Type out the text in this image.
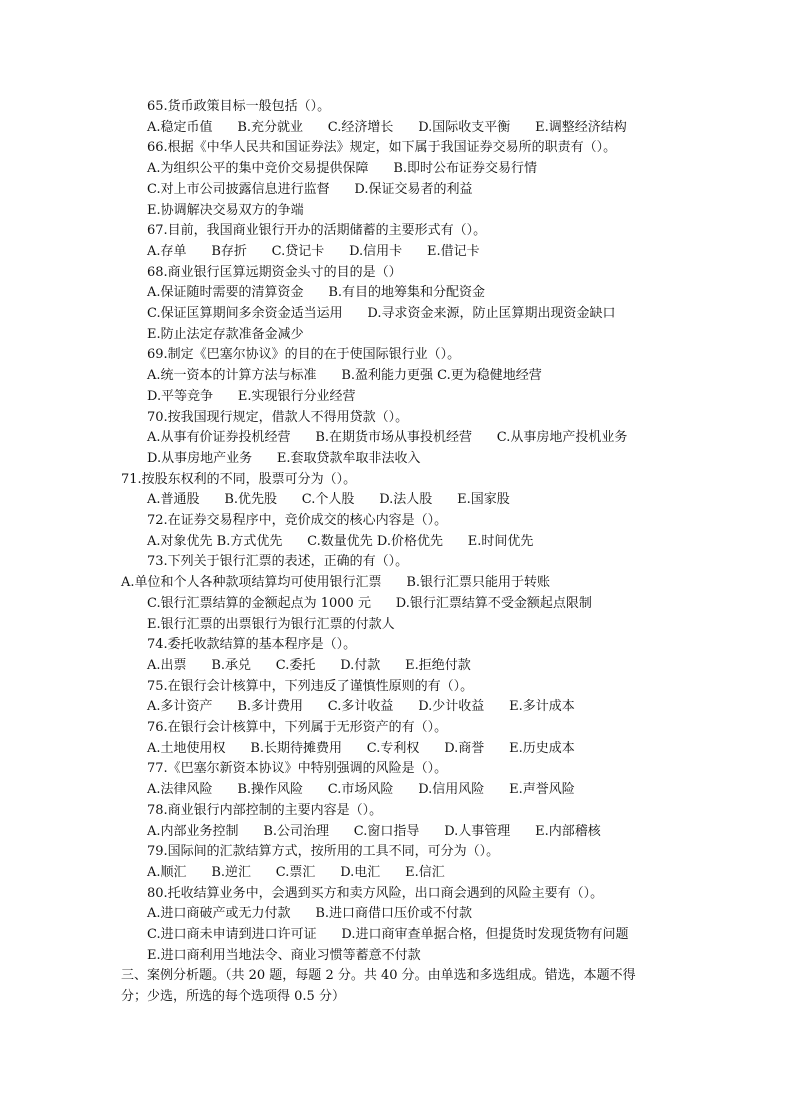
65.货币政策目标一般包括（）。
A.稳定币值      B.充分就业      C.经济增长      D.国际收支平衡      E.调整经济结构
66.根据《中华人民共和国证券法》规定，如下属于我国证券交易所的职责有（）。
A.为组织公平的集中竞价交易提供保障      B.即时公布证券交易行情
C.对上市公司披露信息进行监督      D.保证交易者的利益
E.协调解决交易双方的争端
67.目前，我国商业银行开办的活期储蓄的主要形式有（）。
A.存单      B存折      C.贷记卡      D.信用卡      E.借记卡
68.商业银行匡算远期资金头寸的目的是（）
A.保证随时需要的清算资金      B.有目的地筹集和分配资金
C.保证匡算期间多余资金适当运用      D.寻求资金来源，防止匡算期出现资金缺口
E.防止法定存款准备金减少
69.制定《巴塞尔协议》的目的在于使国际银行业（）。
A.统一资本的计算方法与标准      B.盈利能力更强 C.更为稳健地经营
D.平等竞争      E.实现银行分业经营
70.按我国现行规定，借款人不得用贷款（）。
A.从事有价证券投机经营      B.在期货市场从事投机经营      C.从事房地产投机业务
D.从事房地产业务      E.套取贷款牟取非法收入
71.按股东权利的不同，股票可分为（）。
A.普通股      B.优先股      C.个人股      D.法人股      E.国家股
72.在证券交易程序中，竞价成交的核心内容是（）。
A.对象优先 B.方式优先      C.数量优先 D.价格优先      E.时间优先
73.下列关于银行汇票的表述，正确的有（）。
A.单位和个人各种款项结算均可使用银行汇票      B.银行汇票只能用于转账
C.银行汇票结算的金额起点为 1000 元      D.银行汇票结算不受金额起点限制
E.银行汇票的出票银行为银行汇票的付款人
74.委托收款结算的基本程序是（）。
A.出票      B.承兑      C.委托      D.付款      E.拒绝付款
75.在银行会计核算中，下列违反了谨慎性原则的有（）。
A.多计资产      B.多计费用      C.多计收益      D.少计收益      E.多计成本
76.在银行会计核算中，下列属于无形资产的有（）。
A.土地使用权      B.长期待摊费用      C.专利权      D.商誉      E.历史成本
77.《巴塞尔新资本协议》中特别强调的风险是（）。
A.法律风险      B.操作风险      C.市场风险      D.信用风险      E.声誉风险
78.商业银行内部控制的主要内容是（）。
A.内部业务控制      B.公司治理      C.窗口指导      D.人事管理      E.内部稽核
79.国际间的汇款结算方式，按所用的工具不同，可分为（）。
A.顺汇      B.逆汇      C.票汇      D.电汇      E.信汇
80.托收结算业务中，会遇到买方和卖方风险，出口商会遇到的风险主要有（）。
A.进口商破产或无力付款      B.进口商借口压价或不付款
C.进口商未申请到进口许可证      D.进口商审查单据合格，但提货时发现货物有问题
E.进口商利用当地法令、商业习惯等蓄意不付款
三、案例分析题。（共 20 题，每题 2 分。共 40 分。由单选和多选组成。错选，本题不得
分；少选，所选的每个选项得 0.5 分）
